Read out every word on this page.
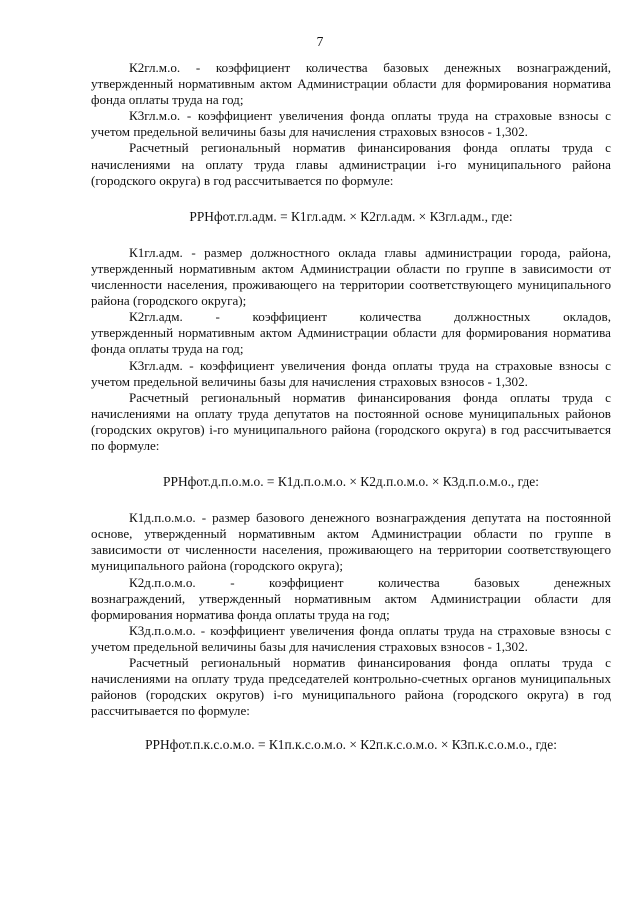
7

К2гл.м.о. - коэффициент количества базовых денежных вознаграждений, утвержденный нормативным актом Администрации области для формирования норматива фонда оплаты труда на год;

К3гл.м.о. - коэффициент увеличения фонда оплаты труда на страховые взносы с учетом предельной величины базы для начисления страховых взносов - 1,302.

Расчетный региональный норматив финансирования фонда оплаты труда с начислениями на оплату труда главы администрации i-го муниципального района (городского округа) в год рассчитывается по формуле:

РРНфот.гл.адм. = К1гл.адм. × К2гл.адм. × К3гл.адм., где:

К1гл.адм. - размер должностного оклада главы администрации города, района, утвержденный нормативным актом Администрации области по группе в зависимости от численности населения, проживающего на территории соответствующего муниципального района (городского округа);

К2гл.адм. - коэффициент количества должностных окладов,

утвержденный нормативным актом Администрации области для формирования норматива фонда оплаты труда на год;

К3гл.адм. - коэффициент увеличения фонда оплаты труда на страховые взносы с учетом предельной величины базы для начисления страховых взносов - 1,302.

Расчетный региональный норматив финансирования фонда оплаты труда с начислениями на оплату труда депутатов на постоянной основе муниципальных районов (городских округов) i-го муниципального района (городского округа) в год рассчитывается по формуле:

РРНфот.д.п.о.м.о. = К1д.п.о.м.о. × К2д.п.о.м.о. × К3д.п.о.м.о., где:

К1д.п.о.м.о. - размер базового денежного вознаграждения депутата на постоянной основе, утвержденный нормативным актом Администрации области по группе в зависимости от численности населения, проживающего на территории соответствующего муниципального района (городского округа);

К2д.п.о.м.о. - коэффициент количества базовых денежных

вознаграждений, утвержденный нормативным актом Администрации области для формирования норматива фонда оплаты труда на год;

К3д.п.о.м.о. - коэффициент увеличения фонда оплаты труда на страховые взносы с учетом предельной величины базы для начисления страховых взносов - 1,302.

Расчетный региональный норматив финансирования фонда оплаты труда с начислениями на оплату труда председателей контрольно-счетных органов муниципальных районов (городских округов) i-го муниципального района (городского округа) в год рассчитывается по формуле:

РРНфот.п.к.с.о.м.о. = К1п.к.с.о.м.о. × К2п.к.с.о.м.о. × К3п.к.с.о.м.о., где:
